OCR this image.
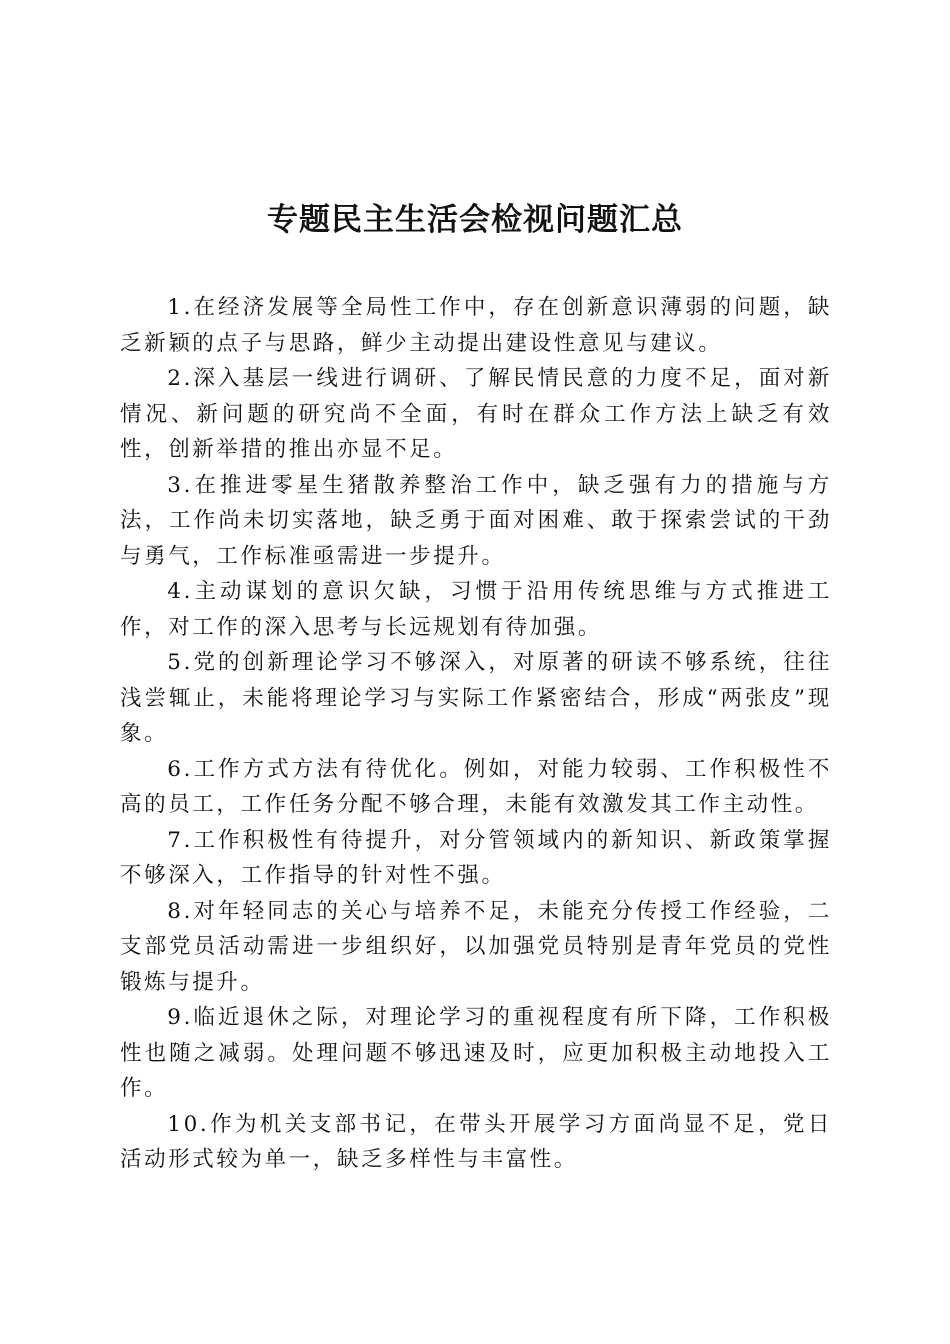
专题民主生活会检视问题汇总

1.在经济发展等全局性工作中，存在创新意识薄弱的问题，缺乏新颖的点子与思路，鲜少主动提出建设性意见与建议。

2.深入基层一线进行调研、了解民情民意的力度不足，面对新情况、新问题的研究尚不全面，有时在群众工作方法上缺乏有效性，创新举措的推出亦显不足。

3.在推进零星生猪散养整治工作中，缺乏强有力的措施与方法，工作尚未切实落地，缺乏勇于面对困难、敢于探索尝试的干劲与勇气，工作标准亟需进一步提升。

4.主动谋划的意识欠缺，习惯于沿用传统思维与方式推进工作，对工作的深入思考与长远规划有待加强。

5.党的创新理论学习不够深入，对原著的研读不够系统，往往浅尝辄止，未能将理论学习与实际工作紧密结合，形成“两张皮”现象。

6.工作方式方法有待优化。例如，对能力较弱、工作积极性不高的员工，工作任务分配不够合理，未能有效激发其工作主动性。

7.工作积极性有待提升，对分管领域内的新知识、新政策掌握不够深入，工作指导的针对性不强。

8.对年轻同志的关心与培养不足，未能充分传授工作经验，二支部党员活动需进一步组织好，以加强党员特别是青年党员的党性锻炼与提升。

9.临近退休之际，对理论学习的重视程度有所下降，工作积极性也随之减弱。处理问题不够迅速及时，应更加积极主动地投入工作。

10.作为机关支部书记，在带头开展学习方面尚显不足，党日活动形式较为单一，缺乏多样性与丰富性。
